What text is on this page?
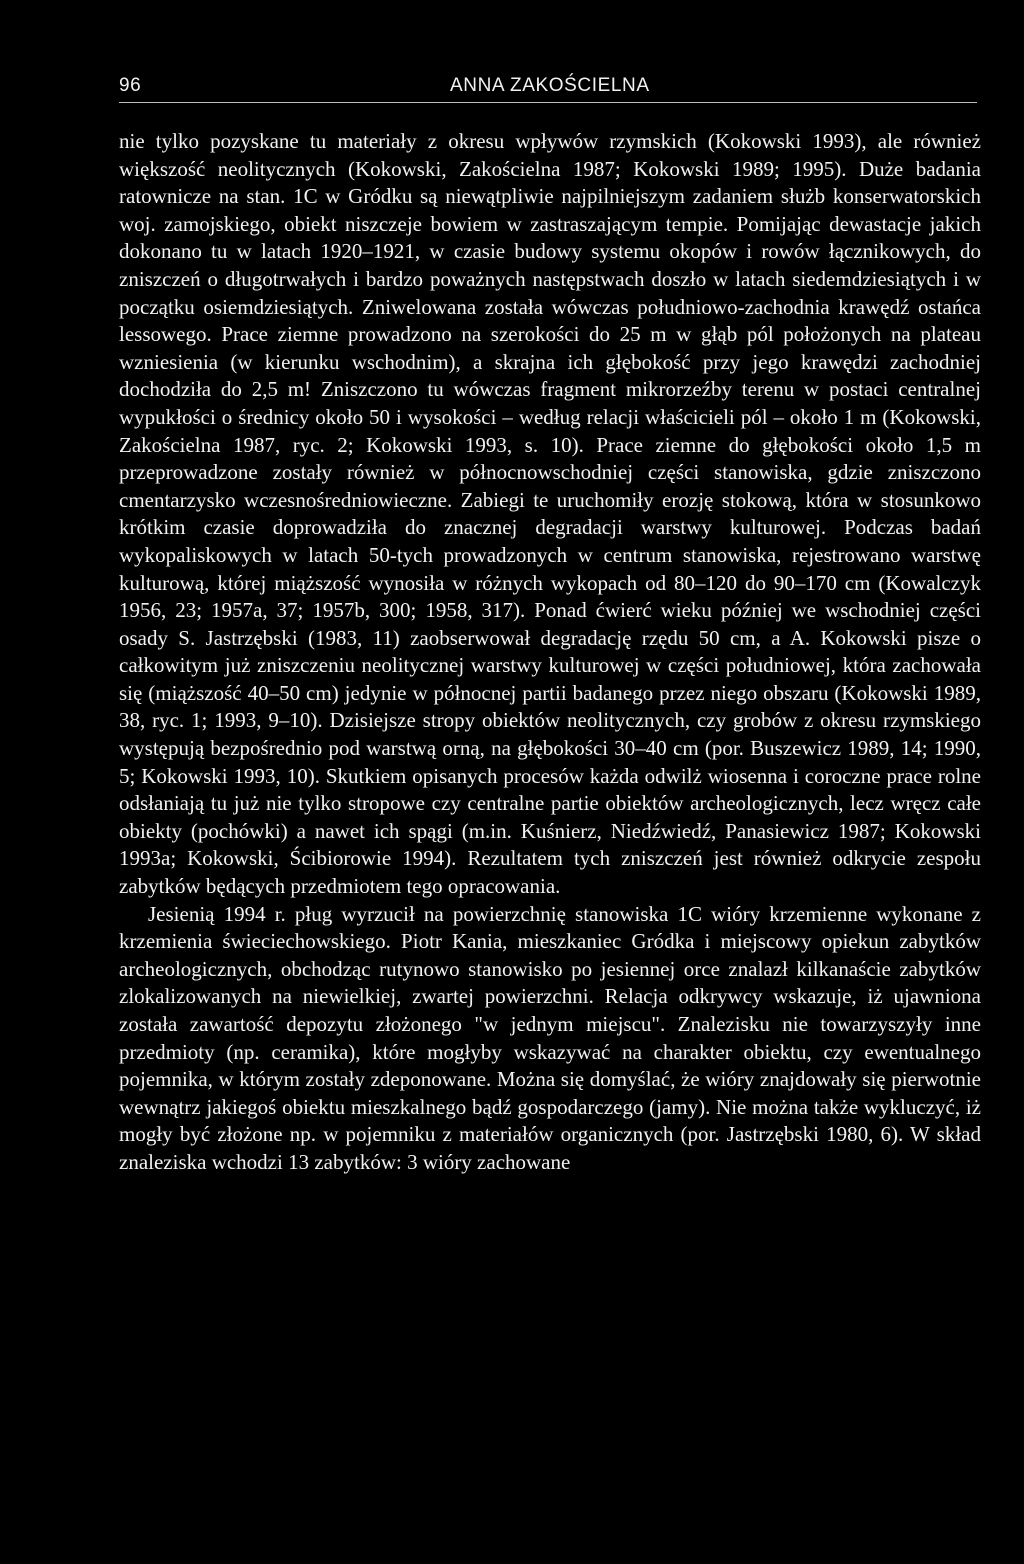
96	ANNA ZAKOŚCIELNA

nie tylko pozyskane tu materiały z okresu wpływów rzymskich (Kokowski 1993), ale również większość neolitycznych (Kokowski, Zakościelna 1987; Kokowski 1989; 1995). Duże badania ratownicze na stan. 1C w Gródku są niewątpliwie najpilniejszym zadaniem służb konserwatorskich woj. zamojskiego, obiekt niszczeje bowiem w zastraszającym tempie. Pomijając dewastacje jakich dokonano tu w latach 1920–1921, w czasie budowy systemu okopów i rowów łącznikowych, do zniszczeń o długotrwałych i bardzo poważnych następstwach doszło w latach siedemdziesiątych i w początku osiemdziesiątych. Zniwelowana została wówczas południowo-zachodnia krawędź ostańca lessowego. Prace ziemne prowadzono na szerokości do 25 m w głąb pól położonych na plateau wzniesienia (w kierunku wschodnim), a skrajna ich głębokość przy jego krawędzi zachodniej dochodziła do 2,5 m! Zniszczono tu wówczas fragment mikrorzeźby terenu w postaci centralnej wypukłości o średnicy około 50 i wysokości – według relacji właścicieli pól – około 1 m (Kokowski, Zakościelna 1987, ryc. 2; Kokowski 1993, s. 10). Prace ziemne do głębokości około 1,5 m przeprowadzone zostały również w północnowschodniej części stanowiska, gdzie zniszczono cmentarzysko wczesnośredniowieczne. Zabiegi te uruchomiły erozję stokową, która w stosunkowo krótkim czasie doprowadziła do znacznej degradacji warstwy kulturowej. Podczas badań wykopaliskowych w latach 50-tych prowadzonych w centrum stanowiska, rejestrowano warstwę kulturową, której miąższość wynosiła w różnych wykopach od 80–120 do 90–170 cm (Kowalczyk 1956, 23; 1957a, 37; 1957b, 300; 1958, 317). Ponad ćwierć wieku później we wschodniej części osady S. Jastrzębski (1983, 11) zaobserwował degradację rzędu 50 cm, a A. Kokowski pisze o całkowitym już zniszczeniu neolitycznej warstwy kulturowej w części południowej, która zachowała się (miąższość 40–50 cm) jedynie w północnej partii badanego przez niego obszaru (Kokowski 1989, 38, ryc. 1; 1993, 9–10). Dzisiejsze stropy obiektów neolitycznych, czy grobów z okresu rzymskiego występują bezpośrednio pod warstwą orną, na głębokości 30–40 cm (por. Buszewicz 1989, 14; 1990, 5; Kokowski 1993, 10). Skutkiem opisanych procesów każda odwilż wiosenna i coroczne prace rolne odsłaniają tu już nie tylko stropowe czy centralne partie obiektów archeologicznych, lecz wręcz całe obiekty (pochówki) a nawet ich spągi (m.in. Kuśnierz, Niedźwiedź, Panasiewicz 1987; Kokowski 1993a; Kokowski, Ścibiorowie 1994). Rezultatem tych zniszczeń jest również odkrycie zespołu zabytków będących przedmiotem tego opracowania.

Jesienią 1994 r. pług wyrzucił na powierzchnię stanowiska 1C wióry krzemienne wykonane z krzemienia świeciechowskiego. Piotr Kania, mieszkaniec Gródka i miejscowy opiekun zabytków archeologicznych, obchodząc rutynowo stanowisko po jesiennej orce znalazł kilkanaście zabytków zlokalizowanych na niewielkiej, zwartej powierzchni. Relacja odkrywcy wskazuje, iż ujawniona została zawartość depozytu złożonego "w jednym miejscu". Znalezisku nie towarzyszyły inne przedmioty (np. ceramika), które mogłyby wskazywać na charakter obiektu, czy ewentualnego pojemnika, w którym zostały zdeponowane. Można się domyślać, że wióry znajdowały się pierwotnie wewnątrz jakiegoś obiektu mieszkalnego bądź gospodarczego (jamy). Nie można także wykluczyć, iż mogły być złożone np. w pojemniku z materiałów organicznych (por. Jastrzębski 1980, 6). W skład znaleziska wchodzi 13 zabytków: 3 wióry zachowane
